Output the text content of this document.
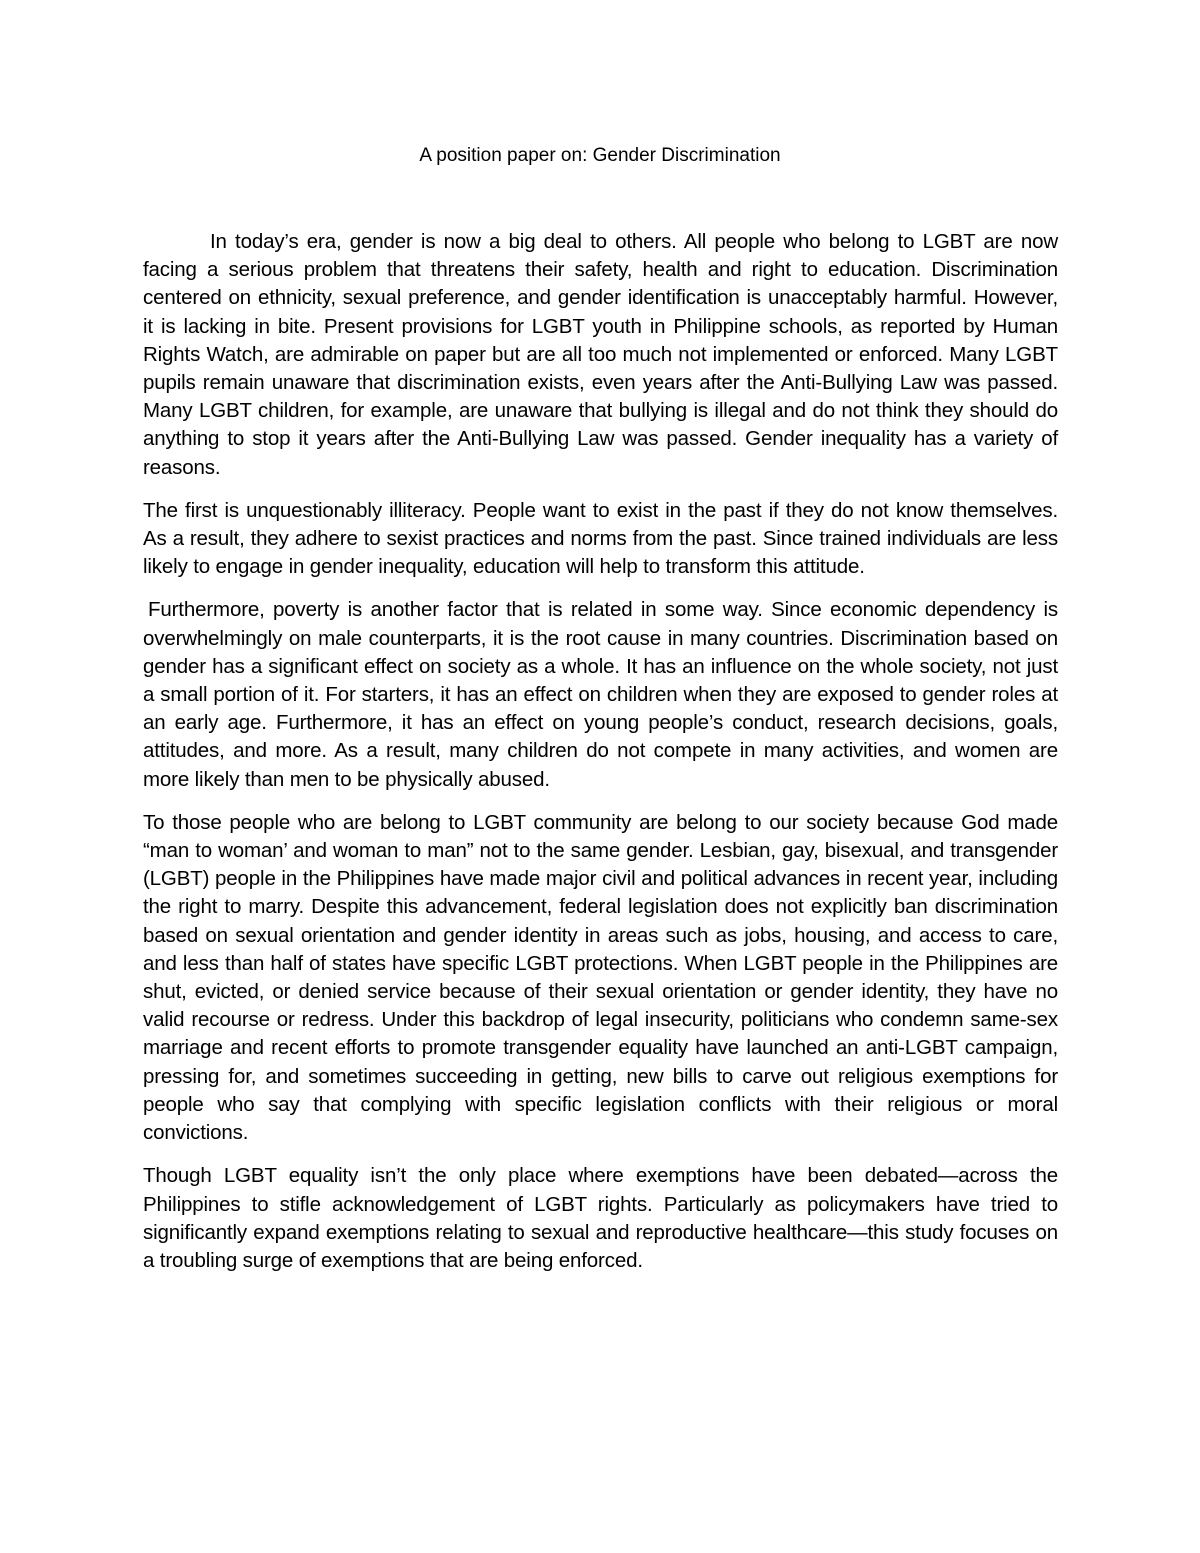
A position paper on: Gender Discrimination

In today’s era, gender is now a big deal to others. All people who belong to LGBT are now facing a serious problem that threatens their safety, health and right to education. Discrimination centered on ethnicity, sexual preference, and gender identification is unacceptably harmful. However, it is lacking in bite. Present provisions for LGBT youth in Philippine schools, as reported by Human Rights Watch, are admirable on paper but are all too much not implemented or enforced. Many LGBT pupils remain unaware that discrimination exists, even years after the Anti-Bullying Law was passed. Many LGBT children, for example, are unaware that bullying is illegal and do not think they should do anything to stop it years after the Anti-Bullying Law was passed. Gender inequality has a variety of reasons.

The first is unquestionably illiteracy. People want to exist in the past if they do not know themselves. As a result, they adhere to sexist practices and norms from the past. Since trained individuals are less likely to engage in gender inequality, education will help to transform this attitude.

Furthermore, poverty is another factor that is related in some way. Since economic dependency is overwhelmingly on male counterparts, it is the root cause in many countries. Discrimination based on gender has a significant effect on society as a whole. It has an influence on the whole society, not just a small portion of it. For starters, it has an effect on children when they are exposed to gender roles at an early age. Furthermore, it has an effect on young people’s conduct, research decisions, goals, attitudes, and more. As a result, many children do not compete in many activities, and women are more likely than men to be physically abused.

To those people who are belong to LGBT community are belong to our society because God made “man to woman’ and woman to man” not to the same gender. Lesbian, gay, bisexual, and transgender (LGBT) people in the Philippines have made major civil and political advances in recent year, including the right to marry. Despite this advancement, federal legislation does not explicitly ban discrimination based on sexual orientation and gender identity in areas such as jobs, housing, and access to care, and less than half of states have specific LGBT protections. When LGBT people in the Philippines are shut, evicted, or denied service because of their sexual orientation or gender identity, they have no valid recourse or redress. Under this backdrop of legal insecurity, politicians who condemn same-sex marriage and recent efforts to promote transgender equality have launched an anti-LGBT campaign, pressing for, and sometimes succeeding in getting, new bills to carve out religious exemptions for people who say that complying with specific legislation conflicts with their religious or moral convictions.

Though LGBT equality isn’t the only place where exemptions have been debated—across the Philippines to stifle acknowledgement of LGBT rights. Particularly as policymakers have tried to significantly expand exemptions relating to sexual and reproductive healthcare—this study focuses on a troubling surge of exemptions that are being enforced.
